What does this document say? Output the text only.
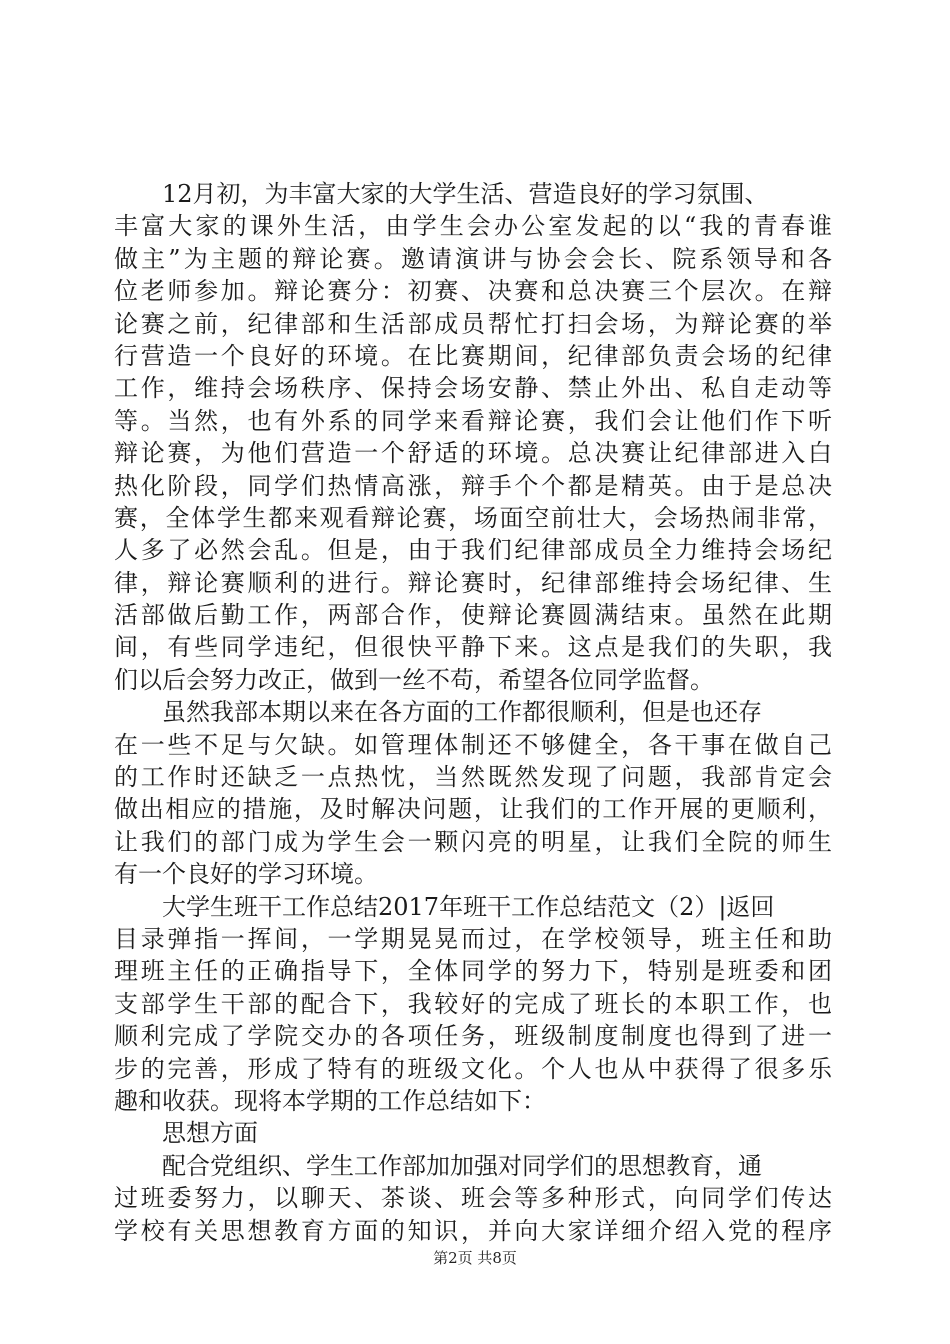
12月初，为丰富大家的大学生活、营造良好的学习氛围、
丰富大家的课外生活，由学生会办公室发起的以“我的青春谁
做主”为主题的辩论赛。邀请演讲与协会会长、院系领导和各
位老师参加。辩论赛分：初赛、决赛和总决赛三个层次。在辩
论赛之前，纪律部和生活部成员帮忙打扫会场，为辩论赛的举
行营造一个良好的环境。在比赛期间，纪律部负责会场的纪律
工作，维持会场秩序、保持会场安静、禁止外出、私自走动等
等。当然，也有外系的同学来看辩论赛，我们会让他们作下听
辩论赛，为他们营造一个舒适的环境。总决赛让纪律部进入白
热化阶段，同学们热情高涨，辩手个个都是精英。由于是总决
赛，全体学生都来观看辩论赛，场面空前壮大，会场热闹非常，
人多了必然会乱。但是，由于我们纪律部成员全力维持会场纪
律，辩论赛顺利的进行。辩论赛时，纪律部维持会场纪律、生
活部做后勤工作，两部合作，使辩论赛圆满结束。虽然在此期
间，有些同学违纪，但很快平静下来。这点是我们的失职，我
们以后会努力改正，做到一丝不苟，希望各位同学监督。
虽然我部本期以来在各方面的工作都很顺利，但是也还存
在一些不足与欠缺。如管理体制还不够健全，各干事在做自己
的工作时还缺乏一点热忱，当然既然发现了问题，我部肯定会
做出相应的措施，及时解决问题，让我们的工作开展的更顺利，
让我们的部门成为学生会一颗闪亮的明星，让我们全院的师生
有一个良好的学习环境。
大学生班干工作总结2017年班干工作总结范文（2）|返回
目录弹指一挥间，一学期晃晃而过，在学校领导，班主任和助
理班主任的正确指导下，全体同学的努力下，特别是班委和团
支部学生干部的配合下，我较好的完成了班长的本职工作，也
顺利完成了学院交办的各项任务，班级制度制度也得到了进一
步的完善，形成了特有的班级文化。个人也从中获得了很多乐
趣和收获。现将本学期的工作总结如下：
思想方面
配合党组织、学生工作部加加强对同学们的思想教育，通
过班委努力，以聊天、茶谈、班会等多种形式，向同学们传达
学校有关思想教育方面的知识，并向大家详细介绍入党的程序
第2页 共8页
